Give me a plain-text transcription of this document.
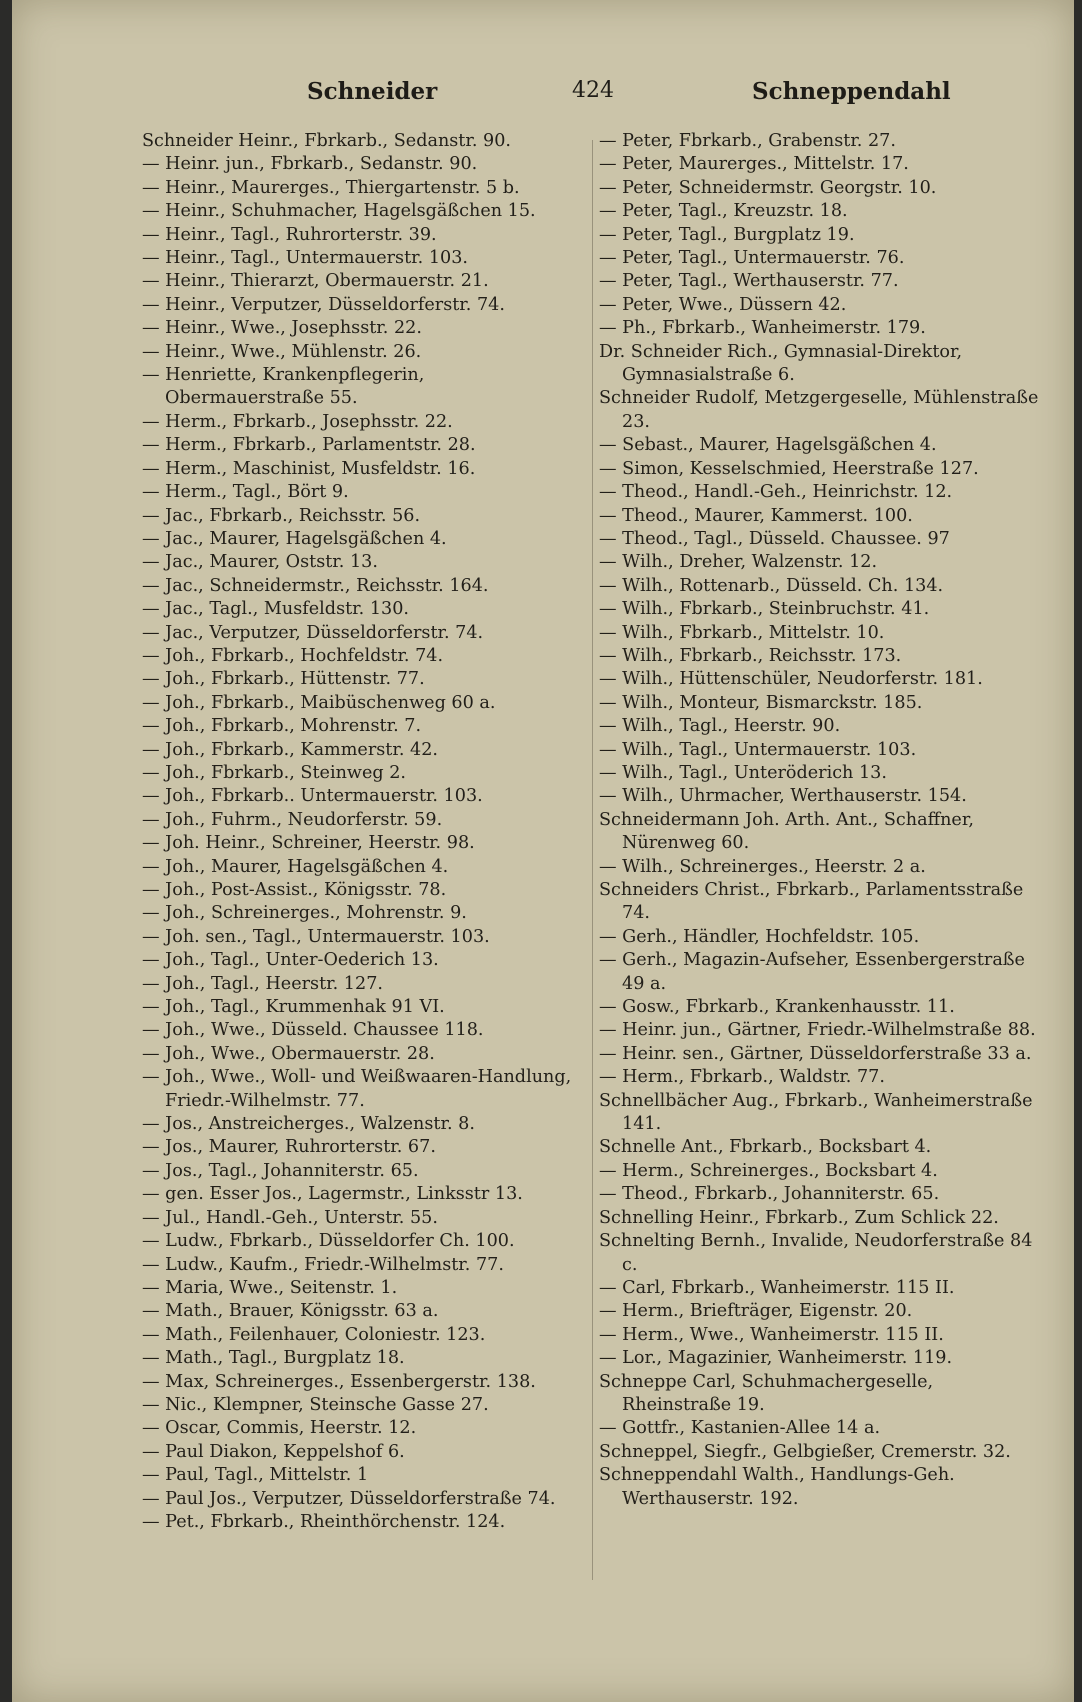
Schneider	424	Schneppendahl
Schneider Heinr., Fbrkarb., Sedanstr. 90.
— Heinr. jun., Fbrkarb., Sedanstr. 90.
— Heinr., Maurerges., Thiergartenstr. 5 b.
— Heinr., Schuhmacher, Hagelsgäßchen 15.
— Heinr., Tagl., Ruhrorterstr. 39.
— Heinr., Tagl., Untermauerstr. 103.
— Heinr., Thierarzt, Obermauerstr. 21.
— Heinr., Verputzer, Düsseldorferstr. 74.
— Heinr., Wwe., Josephsstr. 22.
— Heinr., Wwe., Mühlenstr. 26.
— Henriette, Krankenpflegerin, Obermauerstraße 55.
— Herm., Fbrkarb., Josephsstr. 22.
— Herm., Fbrkarb., Parlamentstr. 28.
— Herm., Maschinist, Musfeldstr. 16.
— Herm., Tagl., Bört 9.
— Jac., Fbrkarb., Reichsstr. 56.
— Jac., Maurer, Hagelsgäßchen 4.
— Jac., Maurer, Oststr. 13.
— Jac., Schneidermstr., Reichsstr. 164.
— Jac., Tagl., Musfeldstr. 130.
— Jac., Verputzer, Düsseldorferstr. 74.
— Joh., Fbrkarb., Hochfeldstr. 74.
— Joh., Fbrkarb., Hüttenstr. 77.
— Joh., Fbrkarb., Maibüschenweg 60 a.
— Joh., Fbrkarb., Mohrenstr. 7.
— Joh., Fbrkarb., Kammerstr. 42.
— Joh., Fbrkarb., Steinweg 2.
— Joh., Fbrkarb.. Untermauerstr. 103.
— Joh., Fuhrm., Neudorferstr. 59.
— Joh. Heinr., Schreiner, Heerstr. 98.
— Joh., Maurer, Hagelsgäßchen 4.
— Joh., Post-Assist., Königsstr. 78.
— Joh., Schreinerges., Mohrenstr. 9.
— Joh. sen., Tagl., Untermauerstr. 103.
— Joh., Tagl., Unter-Oederich 13.
— Joh., Tagl., Heerstr. 127.
— Joh., Tagl., Krummenhak 91 VI.
— Joh., Wwe., Düsseld. Chaussee 118.
— Joh., Wwe., Obermauerstr. 28.
— Joh., Wwe., Woll- und Weißwaaren-Handlung, Friedr.-Wilhelmstr. 77.
— Jos., Anstreicherges., Walzenstr. 8.
— Jos., Maurer, Ruhrorterstr. 67.
— Jos., Tagl., Johanniterstr. 65.
— gen. Esser Jos., Lagermstr., Linksstr 13.
— Jul., Handl.-Geh., Unterstr. 55.
— Ludw., Fbrkarb., Düsseldorfer Ch. 100.
— Ludw., Kaufm., Friedr.-Wilhelmstr. 77.
— Maria, Wwe., Seitenstr. 1.
— Math., Brauer, Königsstr. 63 a.
— Math., Feilenhauer, Coloniestr. 123.
— Math., Tagl., Burgplatz 18.
— Max, Schreinerges., Essenbergerstr. 138.
— Nic., Klempner, Steinsche Gasse 27.
— Oscar, Commis, Heerstr. 12.
— Paul Diakon, Keppelshof 6.
— Paul, Tagl., Mittelstr. 1
— Paul Jos., Verputzer, Düsseldorferstraße 74.
— Pet., Fbrkarb., Rheinthörchenstr. 124.
— Peter, Fbrkarb., Grabenstr. 27.
— Peter, Maurerges., Mittelstr. 17.
— Peter, Schneidermstr. Georgstr. 10.
— Peter, Tagl., Kreuzstr. 18.
— Peter, Tagl., Burgplatz 19.
— Peter, Tagl., Untermauerstr. 76.
— Peter, Tagl., Werthauserstr. 77.
— Peter, Wwe., Düssern 42.
— Ph., Fbrkarb., Wanheimerstr. 179.
Dr. Schneider Rich., Gymnasial-Direktor, Gymnasialstraße 6.
Schneider Rudolf, Metzgergeselle, Mühlenstraße 23.
— Sebast., Maurer, Hagelsgäßchen 4.
— Simon, Kesselschmied, Heerstraße 127.
— Theod., Handl.-Geh., Heinrichstr. 12.
— Theod., Maurer, Kammerst. 100.
— Theod., Tagl., Düsseld. Chaussee. 97
— Wilh., Dreher, Walzenstr. 12.
— Wilh., Rottenarb., Düsseld. Ch. 134.
— Wilh., Fbrkarb., Steinbruchstr. 41.
— Wilh., Fbrkarb., Mittelstr. 10.
— Wilh., Fbrkarb., Reichsstr. 173.
— Wilh., Hüttenschüler, Neudorferstr. 181.
— Wilh., Monteur, Bismarckstr. 185.
— Wilh., Tagl., Heerstr. 90.
— Wilh., Tagl., Untermauerstr. 103.
— Wilh., Tagl., Unteröderich 13.
— Wilh., Uhrmacher, Werthauserstr. 154.
Schneidermann Joh. Arth. Ant., Schaffner, Nürenweg 60.
— Wilh., Schreinerges., Heerstr. 2 a.
Schneiders Christ., Fbrkarb., Parlamentsstraße 74.
— Gerh., Händler, Hochfeldstr. 105.
— Gerh., Magazin-Aufseher, Essenbergerstraße 49 a.
— Gosw., Fbrkarb., Krankenhausstr. 11.
— Heinr. jun., Gärtner, Friedr.-Wilhelmstraße 88.
— Heinr. sen., Gärtner, Düsseldorferstraße 33 a.
— Herm., Fbrkarb., Waldstr. 77.
Schnellbächer Aug., Fbrkarb., Wanheimerstraße 141.
Schnelle Ant., Fbrkarb., Bocksbart 4.
— Herm., Schreinerges., Bocksbart 4.
— Theod., Fbrkarb., Johanniterstr. 65.
Schnelling Heinr., Fbrkarb., Zum Schlick 22.
Schnelting Bernh., Invalide, Neudorferstraße 84 c.
— Carl, Fbrkarb., Wanheimerstr. 115 II.
— Herm., Briefträger, Eigenstr. 20.
— Herm., Wwe., Wanheimerstr. 115 II.
— Lor., Magazinier, Wanheimerstr. 119.
Schneppe Carl, Schuhmachergeselle, Rheinstraße 19.
— Gottfr., Kastanien-Allee 14 a.
Schneppel, Siegfr., Gelbgießer, Cremerstr. 32.
Schneppendahl Walth., Handlungs-Geh. Werthauserstr. 192.
